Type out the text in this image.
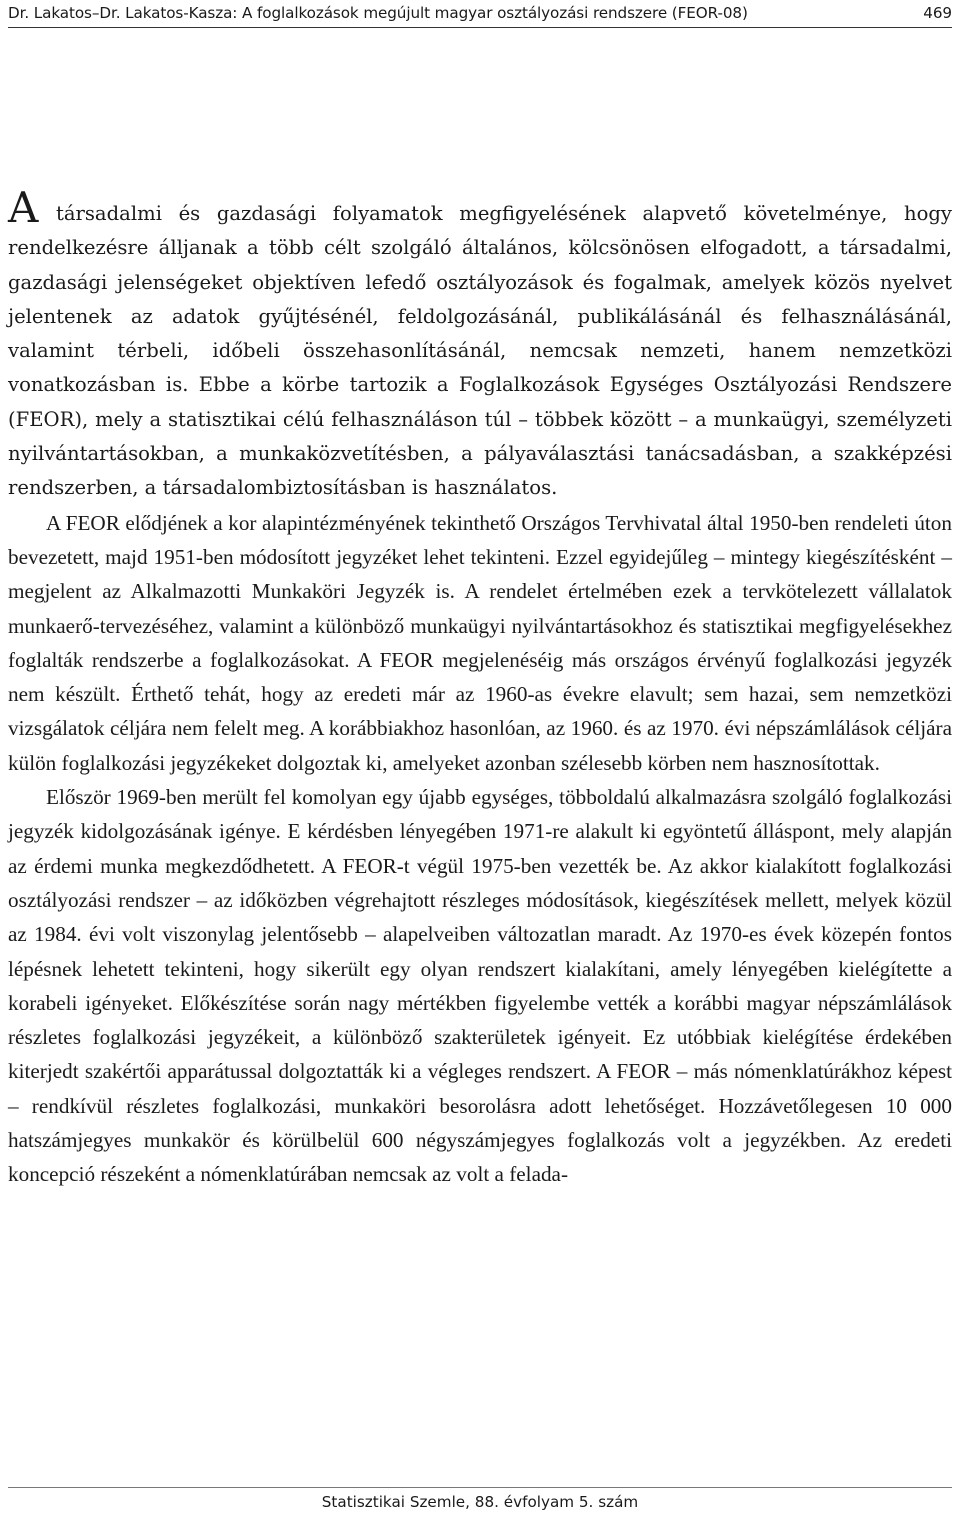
Dr. Lakatos–Dr. Lakatos-Kasza: A foglalkozások megújult magyar osztályozási rendszere (FEOR-08)	469

A társadalmi és gazdasági folyamatok megfigyelésének alapvető követelménye, hogy rendelkezésre álljanak a több célt szolgáló általános, kölcsönösen elfogadott, a társadalmi, gazdasági jelenségeket objektíven lefedő osztályozások és fogalmak, amelyek közös nyelvet jelentenek az adatok gyűjtésénél, feldolgozásánál, publikálásánál és felhasználásánál, valamint térbeli, időbeli összehasonlításánál, nemcsak nemzeti, hanem nemzetközi vonatkozásban is. Ebbe a körbe tartozik a Foglalkozások Egységes Osztályozási Rendszere (FEOR), mely a statisztikai célú felhasználáson túl – többek között – a munkaügyi, személyzeti nyilvántartásokban, a munkaközvetítésben, a pályaválasztási tanácsadásban, a szakképzési rendszerben, a társadalombiztosításban is használatos.

A FEOR elődjének a kor alapintézményének tekinthető Országos Tervhivatal által 1950-ben rendeleti úton bevezetett, majd 1951-ben módosított jegyzéket lehet tekinteni. Ezzel egyidejűleg – mintegy kiegészítésként – megjelent az Alkalmazotti Munkaköri Jegyzék is. A rendelet értelmében ezek a tervkötelezett vállalatok munkaerő-tervezéséhez, valamint a különböző munkaügyi nyilvántartásokhoz és statisztikai megfigyelésekhez foglalták rendszerbe a foglalkozásokat. A FEOR megjelenéséig más országos érvényű foglalkozási jegyzék nem készült. Érthető tehát, hogy az eredeti már az 1960-as évekre elavult; sem hazai, sem nemzetközi vizsgálatok céljára nem felelt meg. A korábbiakhoz hasonlóan, az 1960. és az 1970. évi népszámlálások céljára külön foglalkozási jegyzékeket dolgoztak ki, amelyeket azonban szélesebb körben nem hasznosítottak.

Először 1969-ben merült fel komolyan egy újabb egységes, többoldalú alkalmazásra szolgáló foglalkozási jegyzék kidolgozásának igénye. E kérdésben lényegében 1971-re alakult ki egyöntetű álláspont, mely alapján az érdemi munka megkezdődhetett. A FEOR-t végül 1975-ben vezették be. Az akkor kialakított foglalkozási osztályozási rendszer – az időközben végrehajtott részleges módosítások, kiegészítések mellett, melyek közül az 1984. évi volt viszonylag jelentősebb – alapelveiben változatlan maradt. Az 1970-es évek közepén fontos lépésnek lehetett tekinteni, hogy sikerült egy olyan rendszert kialakítani, amely lényegében kielégítette a korabeli igényeket. Előkészítése során nagy mértékben figyelembe vették a korábbi magyar népszámlálások részletes foglalkozási jegyzékeit, a különböző szakterületek igényeit. Ez utóbbiak kielégítése érdekében kiterjedt szakértői apparátussal dolgoztatták ki a végleges rendszert. A FEOR – más nómenklatúrákhoz képest – rendkívül részletes foglalkozási, munkaköri besorolásra adott lehetőséget. Hozzávetőlegesen 10 000 hatszámjegyes munkakör és körülbelül 600 négyszámjegyes foglalkozás volt a jegyzékben. Az eredeti koncepció részeként a nómenklatúrában nemcsak az volt a felada-

Statisztikai Szemle, 88. évfolyam 5. szám
